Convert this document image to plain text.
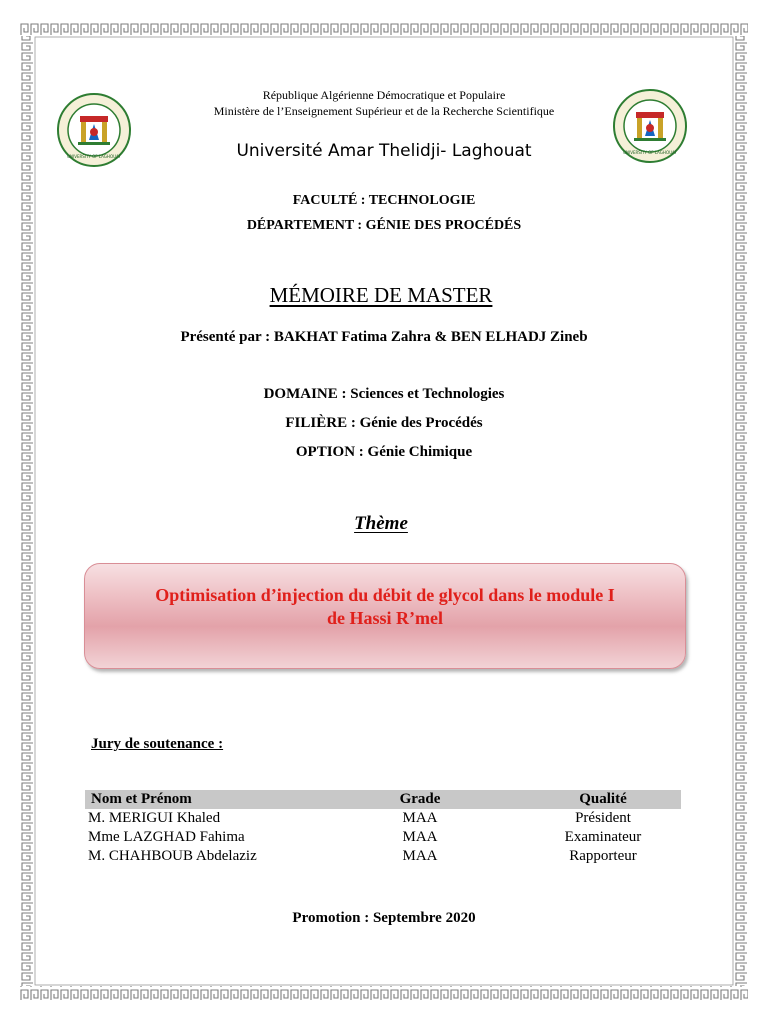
UNIVERSITY OF LAGHOUAT
UNIVERSITY OF LAGHOUAT
République Algérienne Démocratique et Populaire
Ministère de l’Enseignement Supérieur et de la Recherche Scientifique
Université Amar Thelidji- Laghouat
FACULTÉ : TECHNOLOGIE
DÉPARTEMENT : GÉNIE DES PROCÉDÉS
MÉMOIRE DE MASTER
Présenté par : BAKHAT Fatima Zahra & BEN ELHADJ Zineb
DOMAINE : Sciences et Technologies
FILIÈRE : Génie des Procédés
OPTION : Génie Chimique
Thème
Optimisation d’injection du débit de glycol dans le module I
de Hassi R’mel
Jury de soutenance :
Nom et Prénom	Grade	Qualité
M. MERIGUI Khaled	MAA	Président
Mme LAZGHAD Fahima	MAA	Examinateur
M. CHAHBOUB Abdelaziz	MAA	Rapporteur
Promotion : Septembre 2020
